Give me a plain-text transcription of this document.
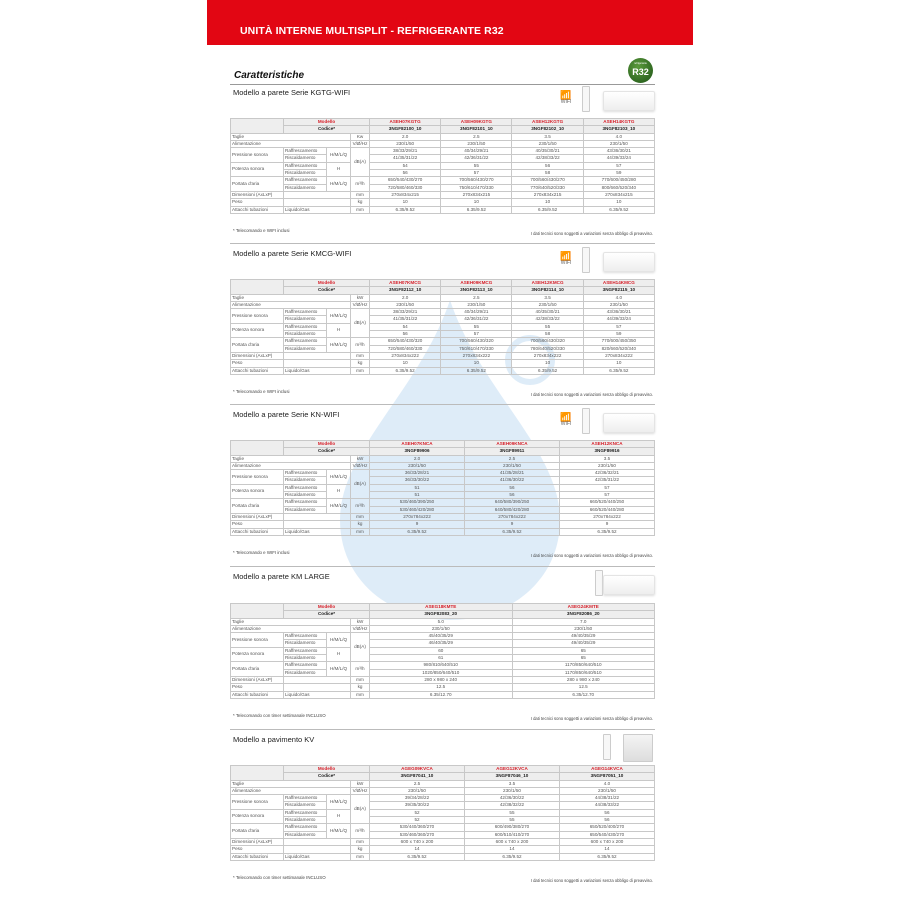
UNITÀ INTERNE MULTISPLIT - REFRIGERANTE R32
Caratteristiche
refrigerante
R32
Modello a parete Serie KGTG-WIFI	📶
WIFI
	Modello			ASEH07KGTG	ASEH09KGTG	ASEH12KGTG	ASEH14KGTG
	Codice*			3NGF82100_10	3NGF82101_10	3NGF82102_10	3NGF82103_10
Taglie			Kw	2.0	2.5	3.5	4.0
Alimentazione			V/Ø/Hz	230/1/50	230/1/50	230/1/50	230/1/50
Pressione sonora	Raffrescamento	H/M/L/Q	dB(A)	38/33/29/21	40/34/29/21	40/35/30/21	43/36/30/21
	Riscaldamento			41/35/31/22	42/36/31/22	42/38/33/22	44/39/33/24
Potenza sonora	Raffrescamento	H		54	55	56	57
	Riscaldamento			56	57	58	59
Portata d'aria	Raffrescamento	H/M/L/Q	m³/h	650/540/430/270	700/560/430/270	700/560/430/270	770/600/450/280
	Riscaldamento			720/580/460/330	750/610/470/330	770/640/520/330	800/660/520/340
Dimensioni (AxLxP)			mm	270x834x215	270x834x215	270x834x215	270x834x215
Peso			kg	10	10	10	10
Attacchi tubazioni	Liquido/Gas		mm	6.35/9.52	6.35/9.52	6.35/9.52	6.35/9.52
* Telecomando e WIFI inclusi
I dati tecnici sono soggetti a variazioni senza obbligo di preavviso.
Modello a parete Serie KMCG-WIFI	📶
WIFI
	Modello			ASEH07KMCG	ASEH09KMCG	ASEH12KMCG	ASEH14KMCG
	Codice*			3NGF82112_10	3NGF82113_10	3NGF82114_10	3NGF82115_10
Taglie			kW	2.0	2.5	3.5	4.0
Alimentazione			V/Ø/Hz	230/1/50	230/1/50	230/1/50	230/1/50
Pressione sonora	Raffrescamento	H/M/L/Q	dB(A)	38/33/29/21	40/34/29/21	40/35/30/21	43/36/30/21
	Riscaldamento			41/35/31/22	42/36/31/22	42/38/33/22	44/39/33/24
Potenza sonora	Raffrescamento	H		54	55	55	57
	Riscaldamento			56	57	58	59
Portata d'aria	Raffrescamento	H/M/L/Q	m³/h	650/540/430/320	700/560/430/320	700/560/430/320	770/600/450/350
	Riscaldamento			720/580/460/330	750/610/470/330	780/640/520/330	820/660/520/340
Dimensioni (AxLxP)			mm	270x834x222	270x834x222	270x834x222	270x834x222
Peso			kg	10	10	10	10
Attacchi tubazioni	Liquido/Gas		mm	6.35/9.52	6.35/9.52	6.35/9.52	6.35/9.52
* Telecomando e WIFI inclusi
I dati tecnici sono soggetti a variazioni senza obbligo di preavviso.
Modello a parete Serie KN-WIFI	📶
WIFI
	Modello			ASEH07KNCA	ASEH09KNCA	ASEH12KNCA
	Codice*			3NGF89906	3NGF89911	3NGF89916
Taglie			kW	2.0	2.5	3.5
Alimentazione			V/Ø/Hz	230/1/50	230/1/50	230/1/50
Pressione sonora	Raffrescamento	H/M/L/Q	dB(A)	36/33/28/21	41/35/28/21	42/36/32/21
	Riscaldamento			36/33/30/22	41/36/30/22	42/35/31/22
Potenza sonora	Raffrescamento	H		51	56	57
	Riscaldamento			51	56	57
Portata d'aria	Raffrescamento	H/M/L/Q	m³/h	530/460/390/250	640/580/390/250	660/520/440/250
	Riscaldamento			530/460/420/280	640/580/420/280	660/520/440/280
Dimensioni (AxLxP)			mm	270x784x222	270x784x222	270x784x222
Peso			kg	9	9	9
Attacchi tubazioni	Liquido/Gas		mm	6.35/9.52	6.35/9.52	6.35/9.52
* Telecomando e WIFI inclusi
I dati tecnici sono soggetti a variazioni senza obbligo di preavviso.
Modello a parete KM LARGE
	Modello			ASEG18KMTE	ASEG24KMTE
	Codice*			3NGF82083_20	3NGF82086_20
Taglie			kW	5.0	7.0
Alimentazione			V/Ø/Hz	230/1/50	230/1/50
Pressione sonora	Raffrescamento	H/M/L/Q	dB(A)	45/40/35/29	49/40/35/29
	Riscaldamento			46/40/35/29	49/40/35/29
Potenza sonora	Raffrescamento	H		60	65
	Riscaldamento			61	65
Portata d'aria	Raffrescamento	H/M/L/Q	m³/h	980/810/640/510	1170/850/640/510
	Riscaldamento			1020/850/640/510	1170/850/640/510
Dimensioni (AxLxP)			mm	280 x 980 x 240	280 x 980 x 240
Peso			kg	12.5	12.5
Attacchi tubazioni	Liquido/Gas		mm	6.35/12.70	6.35/12.70
* Telecomando con timer settimanale INCLUSO
I dati tecnici sono soggetti a variazioni senza obbligo di preavviso.
Modello a pavimento KV
	Modello			AGEG09KVCA	AGEG12KVCA	AGEG14KVCA
	Codice*			3NGF87041_10	3NGF87046_10	3NGF87051_10
Taglie			kW	2.5	3.5	4.0
Alimentazione			V/Ø/Hz	230/1/50	230/1/50	230/1/50
Pressione sonora	Raffrescamento	H/M/L/Q	dB(A)	39/34/28/22	42/36/30/22	44/38/31/22
	Riscaldamento			39/35/30/22	42/38/32/22	44/38/33/22
Potenza sonora	Raffrescamento	H		52	55	56
	Riscaldamento			52	55	56
Portata d'aria	Raffrescamento	H/M/L/Q	m³/h	530/440/360/270	600/490/380/270	650/520/400/270
	Riscaldamento			530/460/360/270	600/510/410/270	650/540/430/270
Dimensioni (AxLxP)			mm	600 x 740 x 200	600 x 740 x 200	600 x 740 x 200
Peso			kg	14	14	14
Attacchi tubazioni	Liquido/Gas		mm	6.35/9.52	6.35/9.52	6.35/9.52
* Telecomando con timer settimanale INCLUSO
I dati tecnici sono soggetti a variazioni senza obbligo di preavviso.
